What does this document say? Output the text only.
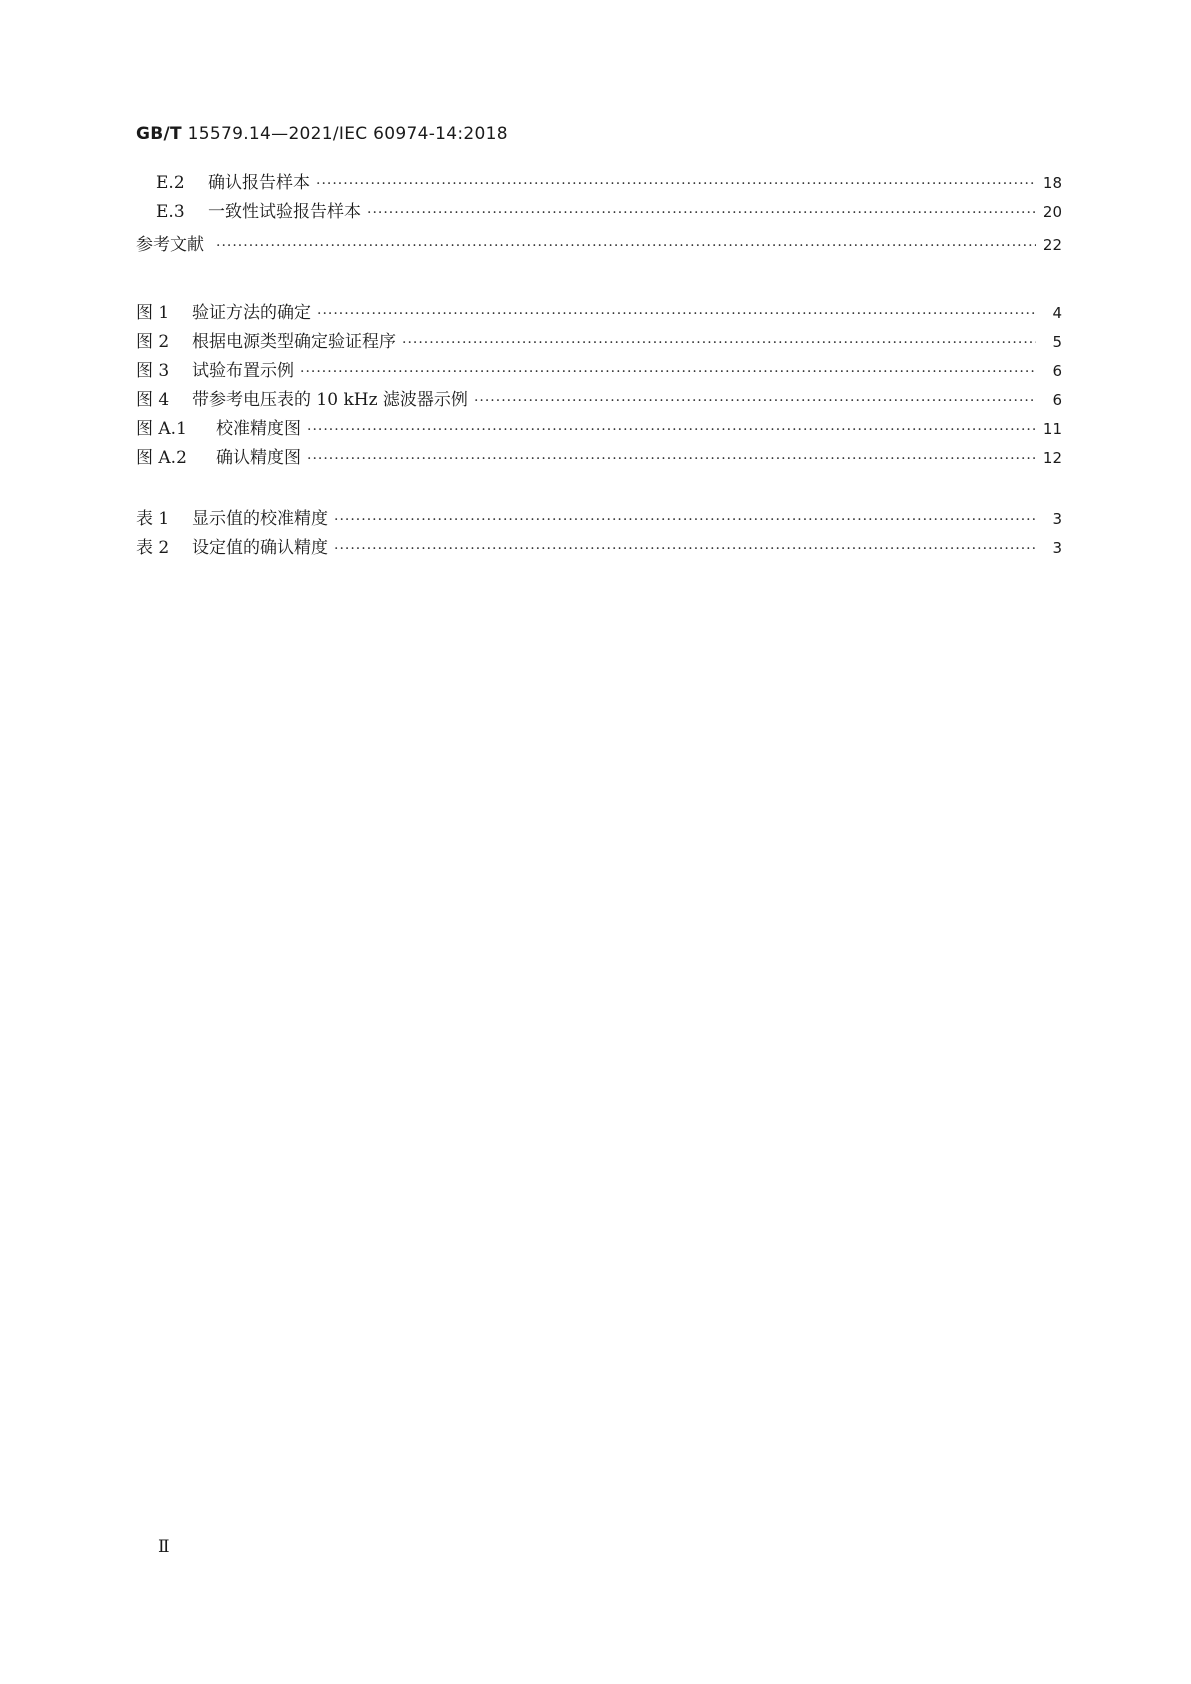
GB/T 15579.14—2021/IEC 60974-14:2018
E.2	确认报告样本 ·····	18
E.3	一致性试验报告样本 ·····	20
参考文献 ·····	22
图 1	验证方法的确定 ·····	4
图 2	根据电源类型确定验证程序 ·····	5
图 3	试验布置示例 ·····	6
图 4	带参考电压表的 10 kHz 滤波器示例 ·····	6
图 A.1	校准精度图 ·····	11
图 A.2	确认精度图 ·····	12
表 1	显示值的校准精度 ·····	3
表 2	设定值的确认精度 ·····	3
Ⅱ
